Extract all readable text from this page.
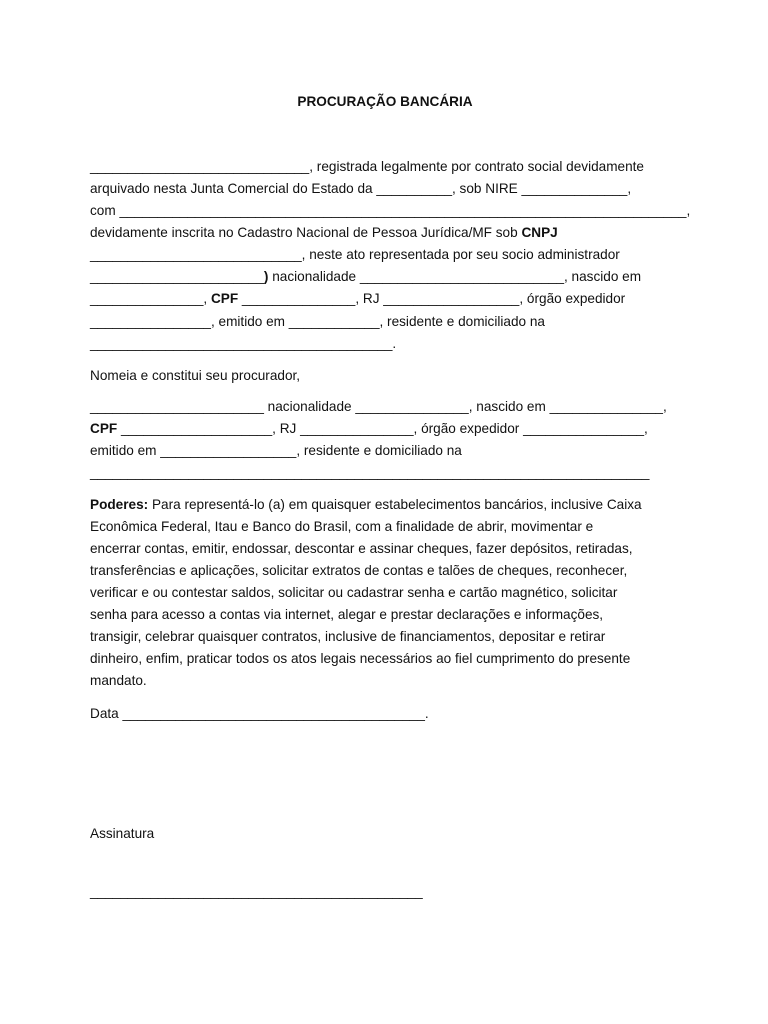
PROCURAÇÃO BANCÁRIA
_____________________________, registrada legalmente por contrato social devidamente
arquivado nesta Junta Comercial do Estado da __________, sob NIRE ______________,
com ___________________________________________________________________________,
devidamente inscrita no Cadastro Nacional de Pessoa Jurídica/MF sob CNPJ
____________________________, neste ato representada por seu socio administrador
_______________________) nacionalidade ___________________________, nascido em
_______________, CPF _______________, RJ __________________, órgão expedidor
________________, emitido em ____________, residente e domiciliado na
________________________________________.
Nomeia e constitui seu procurador,
_______________________ nacionalidade _______________, nascido em _______________,
CPF ____________________, RJ _______________, órgão expedidor ________________,
emitido em __________________, residente e domiciliado na
__________________________________________________________________________
Poderes: Para representá-lo (a) em quaisquer estabelecimentos bancários, inclusive Caixa
Econômica Federal, Itau e Banco do Brasil, com a finalidade de abrir, movimentar e
encerrar contas, emitir, endossar, descontar e assinar cheques, fazer depósitos, retiradas,
transferências e aplicações, solicitar extratos de contas e talões de cheques, reconhecer,
verificar e ou contestar saldos, solicitar ou cadastrar senha e cartão magnético, solicitar
senha para acesso a contas via internet, alegar e prestar declarações e informações,
transigir, celebrar quaisquer contratos, inclusive de financiamentos, depositar e retirar
dinheiro, enfim, praticar todos os atos legais necessários ao fiel cumprimento do presente
mandato.
Data ________________________________________.
Assinatura
____________________________________________
